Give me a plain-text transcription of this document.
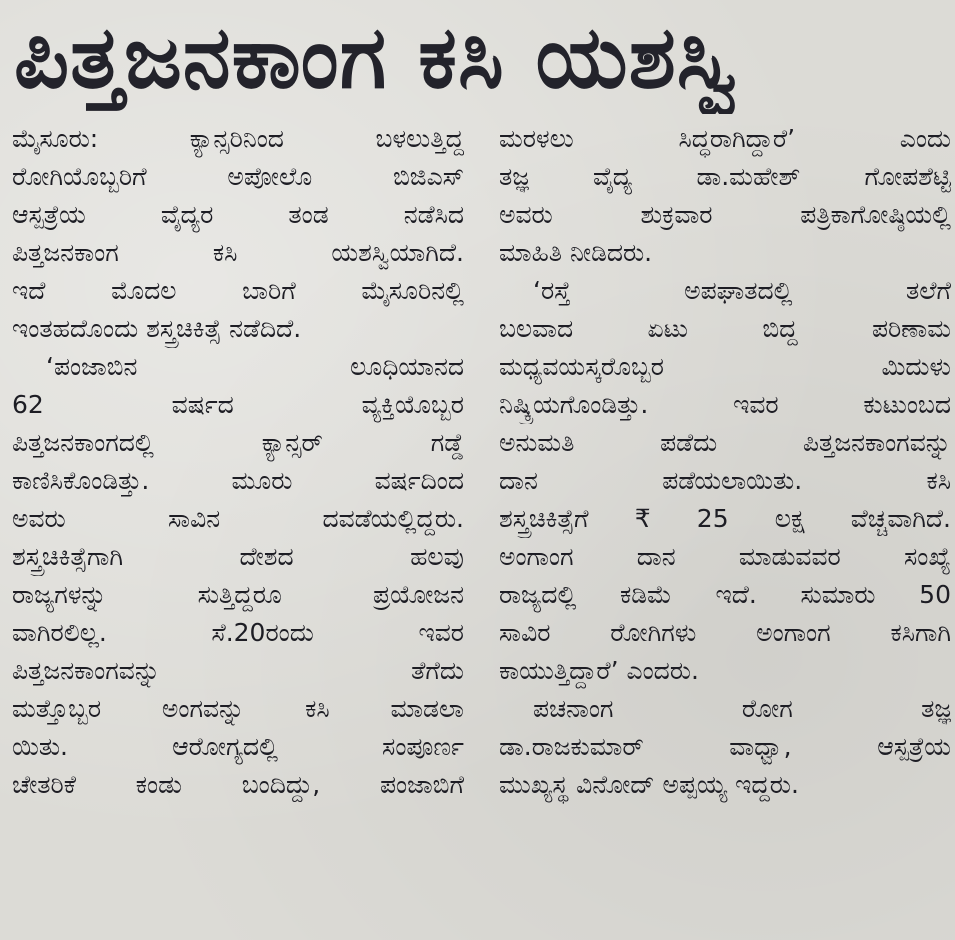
ಪಿತ್ತಜನಕಾಂಗ ಕಸಿ ಯಶಸ್ವಿ
ಮೈಸೂರು: ಕ್ಯಾನ್ಸರಿನಿಂದ ಬಳಲುತ್ತಿದ್ದ
ರೋಗಿಯೊಬ್ಬರಿಗೆ ಅಪೋಲೊ ಬಿಜಿಎಸ್
ಆಸ್ಪತ್ರೆಯ ವೈದ್ಯರ ತಂಡ ನಡೆಸಿದ
ಪಿತ್ತಜನಕಾಂಗ ಕಸಿ ಯಶಸ್ವಿಯಾಗಿದೆ.
ಇದೆ ಮೊದಲ ಬಾರಿಗೆ ಮೈಸೂರಿನಲ್ಲಿ
ಇಂತಹದೊಂದು ಶಸ್ತ್ರಚಿಕಿತ್ಸೆ ನಡೆದಿದೆ.
‘ಪಂಜಾಬಿನ ಲೂಧಿಯಾನದ
62 ವರ್ಷದ ವ್ಯಕ್ತಿಯೊಬ್ಬರ
ಪಿತ್ತಜನಕಾಂಗದಲ್ಲಿ ಕ್ಯಾನ್ಸರ್ ಗಡ್ಡೆ
ಕಾಣಿಸಿಕೊಂಡಿತ್ತು. ಮೂರು ವರ್ಷದಿಂದ
ಅವರು ಸಾವಿನ ದವಡೆಯಲ್ಲಿದ್ದರು.
ಶಸ್ತ್ರಚಿಕಿತ್ಸೆಗಾಗಿ ದೇಶದ ಹಲವು
ರಾಜ್ಯಗಳನ್ನು ಸುತ್ತಿದ್ದರೂ ಪ್ರಯೋಜನ
ವಾಗಿರಲಿಲ್ಲ. ಸೆ.20ರಂದು ಇವರ
ಪಿತ್ತಜನಕಾಂಗವನ್ನು ತೆಗೆದು
ಮತ್ತೊಬ್ಬರ ಅಂಗವನ್ನು ಕಸಿ ಮಾಡಲಾ
ಯಿತು. ಆರೋಗ್ಯದಲ್ಲಿ ಸಂಪೂರ್ಣ
ಚೇತರಿಕೆ ಕಂಡು ಬಂದಿದ್ದು, ಪಂಜಾಬಿಗೆ
ಮರಳಲು ಸಿದ್ಧರಾಗಿದ್ದಾರೆ’ ಎಂದು
ತಜ್ಞ ವೈದ್ಯ ಡಾ.ಮಹೇಶ್ ಗೋಪಶೆಟ್ಟಿ
ಅವರು ಶುಕ್ರವಾರ ಪತ್ರಿಕಾಗೋಷ್ಠಿಯಲ್ಲಿ
ಮಾಹಿತಿ ನೀಡಿದರು.
‘ರಸ್ತೆ ಅಪಘಾತದಲ್ಲಿ ತಲೆಗೆ
ಬಲವಾದ ಏಟು ಬಿದ್ದ ಪರಿಣಾಮ
ಮಧ್ಯವಯಸ್ಕರೊಬ್ಬರ ಮಿದುಳು
ನಿಷ್ಕ್ರಿಯಗೊಂಡಿತ್ತು. ಇವರ ಕುಟುಂಬದ
ಅನುಮತಿ ಪಡೆದು ಪಿತ್ತಜನಕಾಂಗವನ್ನು
ದಾನ ಪಡೆಯಲಾಯಿತು. ಕಸಿ
ಶಸ್ತ್ರಚಿಕಿತ್ಸೆಗೆ ₹ 25 ಲಕ್ಷ ವೆಚ್ಚವಾಗಿದೆ.
ಅಂಗಾಂಗ ದಾನ ಮಾಡುವವರ ಸಂಖ್ಯೆ
ರಾಜ್ಯದಲ್ಲಿ ಕಡಿಮೆ ಇದೆ. ಸುಮಾರು 50
ಸಾವಿರ ರೋಗಿಗಳು ಅಂಗಾಂಗ ಕಸಿಗಾಗಿ
ಕಾಯುತ್ತಿದ್ದಾರೆ’ ಎಂದರು.
ಪಚನಾಂಗ ರೋಗ ತಜ್ಞ
ಡಾ.ರಾಜಕುಮಾರ್ ವಾಧ್ವಾ, ಆಸ್ಪತ್ರೆಯ
ಮುಖ್ಯಸ್ಥ ವಿನೋದ್ ಅಪ್ಪಯ್ಯ ಇದ್ದರು.
